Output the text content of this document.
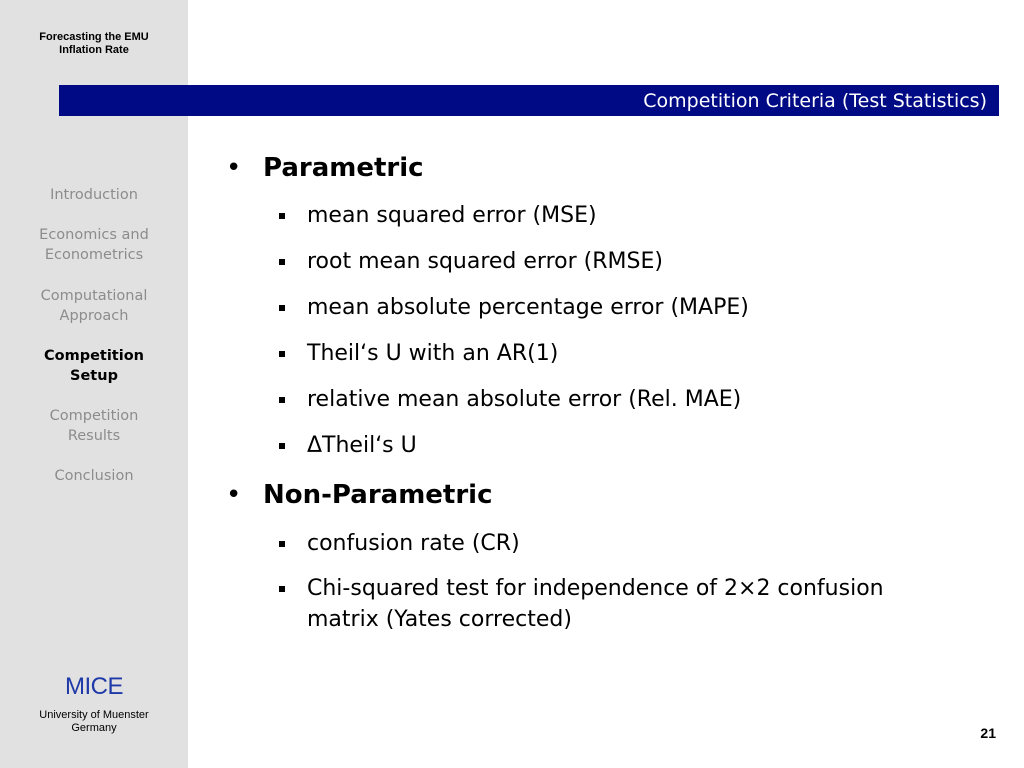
Forecasting the EMU
Inflation Rate
Introduction
Economics and
Econometrics
Computational
Approach
Competition
Setup
Competition
Results
Conclusion
MICE
University of Muenster
Germany
Competition Criteria (Test Statistics)
• Parametric
mean squared error (MSE)
root mean squared error (RMSE)
mean absolute percentage error (MAPE)
Theil‘s U with an AR(1)
relative mean absolute error (Rel. MAE)
ΔTheil‘s U
• Non-Parametric
confusion rate (CR)
Chi-squared test for independence of 2×2 confusion
matrix (Yates corrected)
21
